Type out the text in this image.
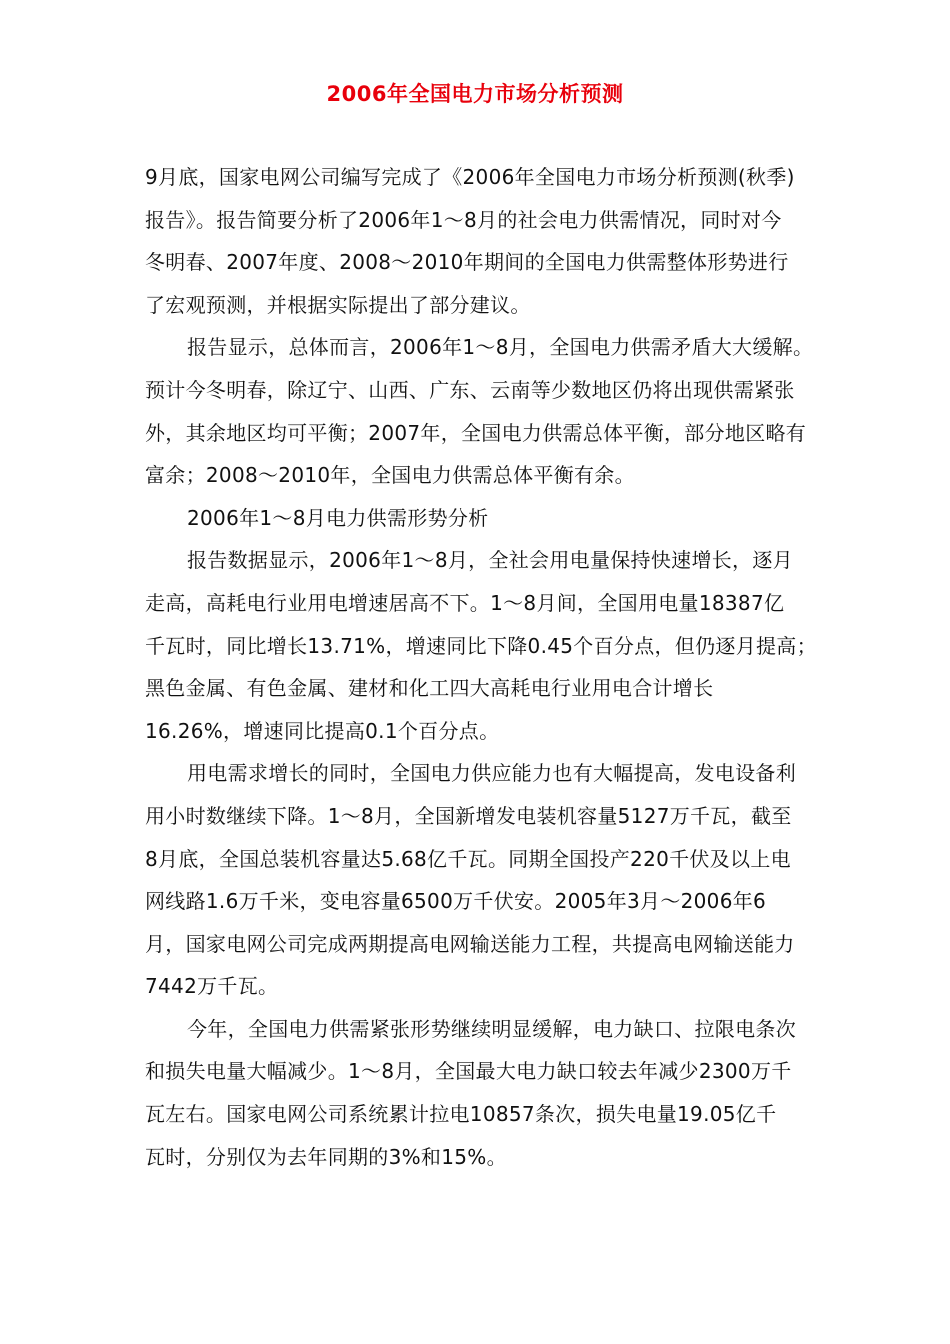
2006年全国电力市场分析预测
9月底，国家电网公司编写完成了《2006年全国电力市场分析预测(秋季)
报告》。报告简要分析了2006年1～8月的社会电力供需情况，同时对今
冬明春、2007年度、2008～2010年期间的全国电力供需整体形势进行
了宏观预测，并根据实际提出了部分建议。
报告显示，总体而言，2006年1～8月，全国电力供需矛盾大大缓解。
预计今冬明春，除辽宁、山西、广东、云南等少数地区仍将出现供需紧张
外，其余地区均可平衡；2007年，全国电力供需总体平衡，部分地区略有
富余；2008～2010年，全国电力供需总体平衡有余。
2006年1～8月电力供需形势分析
报告数据显示，2006年1～8月，全社会用电量保持快速增长，逐月
走高，高耗电行业用电增速居高不下。1～8月间，全国用电量18387亿
千瓦时，同比增长13.71%，增速同比下降0.45个百分点，但仍逐月提高；
黑色金属、有色金属、建材和化工四大高耗电行业用电合计增长
16.26%，增速同比提高0.1个百分点。
用电需求增长的同时，全国电力供应能力也有大幅提高，发电设备利
用小时数继续下降。1～8月，全国新增发电装机容量5127万千瓦，截至
8月底，全国总装机容量达5.68亿千瓦。同期全国投产220千伏及以上电
网线路1.6万千米，变电容量6500万千伏安。2005年3月～2006年6
月，国家电网公司完成两期提高电网输送能力工程，共提高电网输送能力
7442万千瓦。
今年，全国电力供需紧张形势继续明显缓解，电力缺口、拉限电条次
和损失电量大幅减少。1～8月，全国最大电力缺口较去年减少2300万千
瓦左右。国家电网公司系统累计拉电10857条次，损失电量19.05亿千
瓦时，分别仅为去年同期的3%和15%。
